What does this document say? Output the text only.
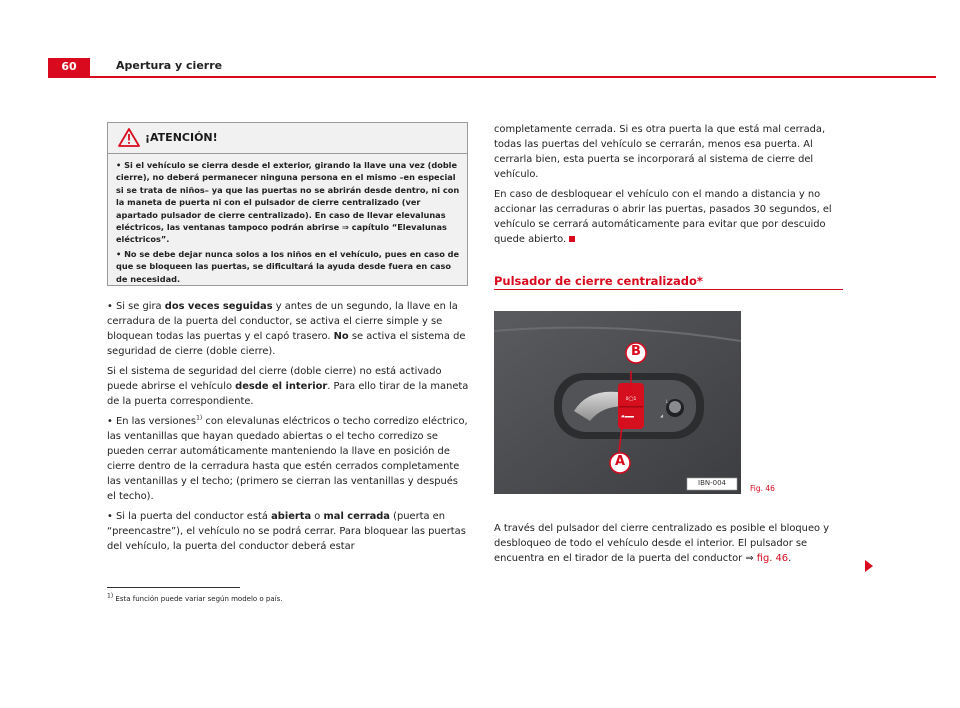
60	Apertura y cierre
¡ATENCIÓN!

• Si el vehículo se cierra desde el exterior, girando la llave una vez (doble cierre), no deberá permanecer ninguna persona en el mismo –en especial si se trata de niños– ya que las puertas no se abrirán desde dentro, ni con la maneta de puerta ni con el pulsador de cierre centralizado (ver apartado pulsador de cierre centralizado). En caso de llevar elevalunas eléctricos, las ventanas tampoco podrán abrirse ⇒ capítulo “Elevalunas eléctricos”.

• No se debe dejar nunca solos a los niños en el vehículo, pues en caso de que se bloqueen las puertas, se dificultará la ayuda desde fuera en caso de necesidad.

• Si se gira dos veces seguidas y antes de un segundo, la llave en la cerradura de la puerta del conductor, se activa el cierre simple y se bloquean todas las puertas y el capó trasero. No se activa el sistema de seguridad de cierre (doble cierre).

Si el sistema de seguridad del cierre (doble cierre) no está activado puede abrirse el vehículo desde el interior. Para ello tirar de la maneta de la puerta correspondiente.

• En las versiones$^{1)}$ con elevalunas eléctricos o techo corredizo eléctrico, las ventanillas que hayan quedado abiertas o el techo corredizo se pueden cerrar automáticamente manteniendo la llave en posición de cierre dentro de la cerradura hasta que estén cerrados completamente las ventanillas y el techo; (primero se cierran las ventanillas y después el techo).

• Si la puerta del conductor está abierta o mal cerrada (puerta en “preencastre”), el vehículo no se podrá cerrar. Para bloquear las puertas del vehículo, la puerta del conductor deberá estar

completamente cerrada. Si es otra puerta la que está mal cerrada, todas las puertas del vehículo se cerrarán, menos esa puerta. Al cerrarla bien, esta puerta se incorporará al sistema de cierre del vehículo.

En caso de desbloquear el vehículo con el mando a distancia y no accionar las cerraduras o abrir las puertas, pasados 30 segundos, el vehículo se cerrará automáticamente para evitar que por descuido quede abierto.

Pulsador de cierre centralizado*
0◯1	L
◢
B
A
IBN-004
Fig. 46

A través del pulsador del cierre centralizado es posible el bloqueo y desbloqueo de todo el vehículo desde el interior. El pulsador se encuentra en el tirador de la puerta del conductor ⇒ fig. 46.

1) Esta función puede variar según modelo o país.
